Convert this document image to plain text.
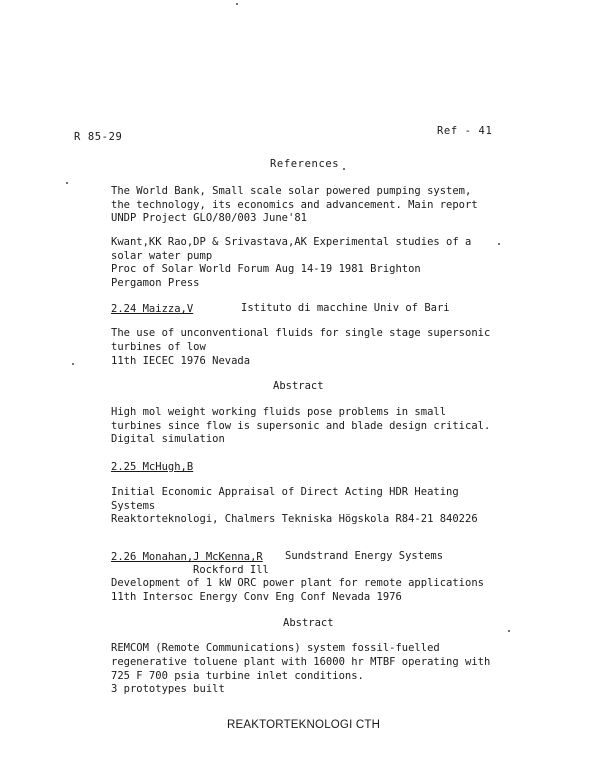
R 85-29	Ref - 41
References
The World Bank, Small scale solar powered pumping system,
the technology, its economics and advancement. Main report
UNDP Project GLO/80/003 June'81
Kwant,KK Rao,DP & Srivastava,AK Experimental studies of a
solar water pump
Proc of Solar World Forum Aug 14-19 1981 Brighton
Pergamon Press
2.24 Maizza,V	Istituto di macchine Univ of Bari
The use of unconventional fluids for single stage supersonic
turbines of low
11th IECEC 1976 Nevada
Abstract
High mol weight working fluids pose problems in small
turbines since flow is supersonic and blade design critical.
Digital simulation
2.25 McHugh,B
Initial Economic Appraisal of Direct Acting HDR Heating
Systems
Reaktorteknologi, Chalmers Tekniska Högskola R84-21 840226
2.26 Monahan,J McKenna,R Sundstrand Energy Systems
Rockford Ill
Development of 1 kW ORC power plant for remote applications
11th Intersoc Energy Conv Eng Conf Nevada 1976
Abstract
REMCOM (Remote Communications) system fossil-fuelled
regenerative toluene plant with 16000 hr MTBF operating with
725 F 700 psia turbine inlet conditions.
3 prototypes built
REAKTORTEKNOLOGI CTH
